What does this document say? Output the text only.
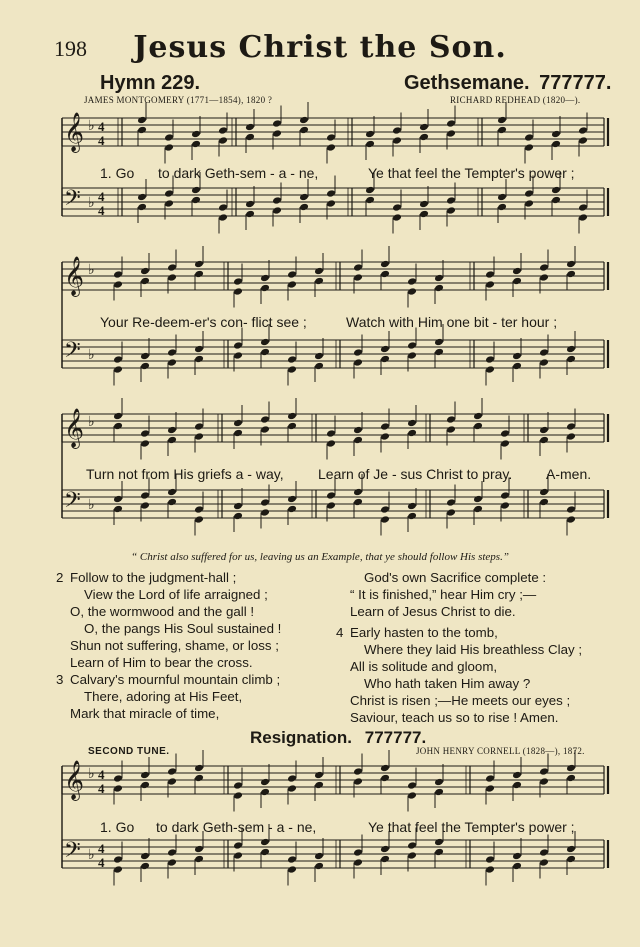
198	Jesus Christ the Son.
Hymn 229.	Gethsemane. 777777.
JAMES MONTGOMERY (1771—1854), 1820 ?	RICHARD REDHEAD (1820—).
𝄞 ♭ 4
4
𝄢 ♭ 4
4
𝄞 ♭
𝄢 ♭
𝄞 ♭
𝄢 ♭
𝄞 ♭ 4
4
𝄢 ♭ 4
4
1. Go to dark Geth-sem - a - ne,	Ye that feel the Tempter's power ;
Your Re-deem-er's con- flict see ;	Watch with Him one bit - ter hour ;
Turn not from His griefs a - way, Learn of Je - sus Christ to pray. A-men.
“ Christ also suffered for us, leaving us an Example, that ye should follow His steps.”
2 Follow to the judgment-hall ;
View the Lord of life arraigned ;
O, the wormwood and the gall !
O, the pangs His Soul sustained !
Shun not suffering, shame, or loss ;
Learn of Him to bear the cross.
3 Calvary's mournful mountain climb ;
There, adoring at His Feet,
Mark that miracle of time,
God's own Sacrifice complete :
“ It is finished,” hear Him cry ;—
Learn of Jesus Christ to die.
4 Early hasten to the tomb,
Where they laid His breathless Clay ;
All is solitude and gloom,
Who hath taken Him away ?
Christ is risen ;—He meets our eyes ;
Saviour, teach us so to rise ! Amen.
Resignation. 777777.
SECOND TUNE.	JOHN HENRY CORNELL (1828—), 1872.
1. Go to dark Geth-sem - a - ne,	Ye that feel the Tempter's power ;
